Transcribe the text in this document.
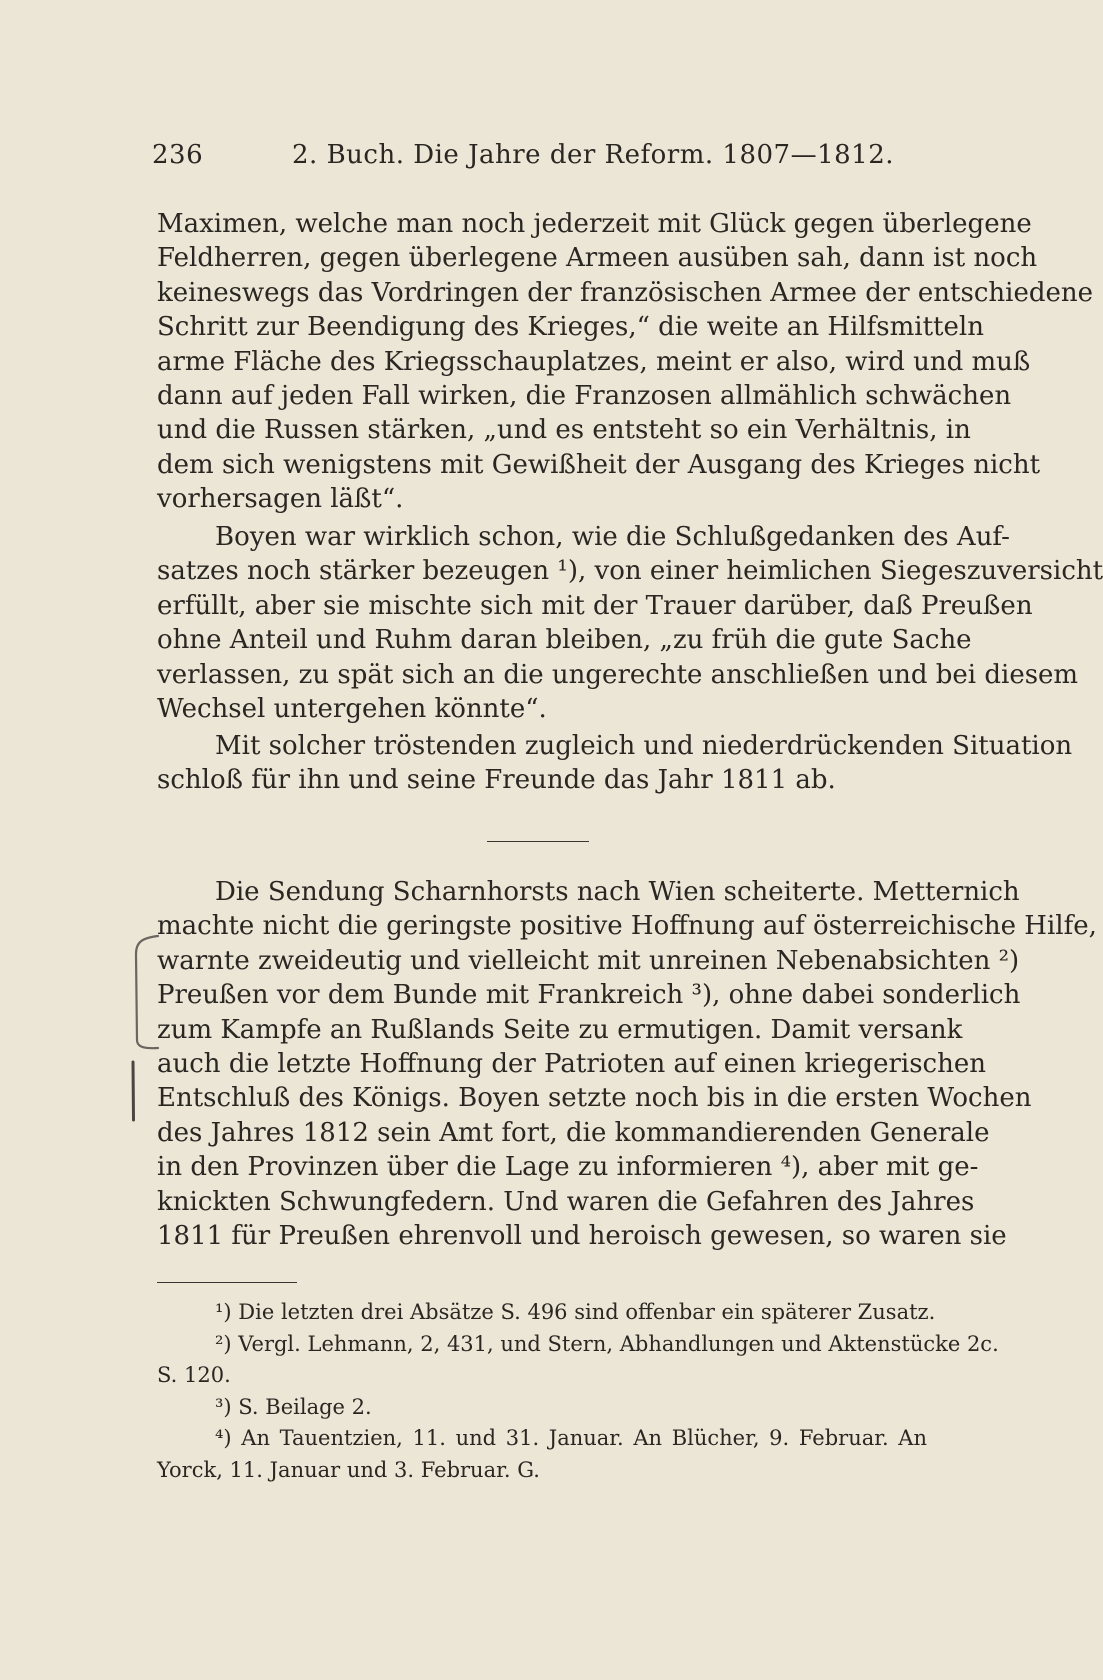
236	2. Buch. Die Jahre der Reform. 1807—1812.
Maximen, welche man noch jederzeit mit Glück gegen überlegene
Feldherren, gegen überlegene Armeen ausüben sah, dann ist noch
keineswegs das Vordringen der französischen Armee der entschiedene
Schritt zur Beendigung des Krieges,“ die weite an Hilfsmitteln
arme Fläche des Kriegsschauplatzes, meint er also, wird und muß
dann auf jeden Fall wirken, die Franzosen allmählich schwächen
und die Russen stärken, „und es entsteht so ein Verhältnis, in
dem sich wenigstens mit Gewißheit der Ausgang des Krieges nicht
vorhersagen läßt“.
Boyen war wirklich schon, wie die Schlußgedanken des Auf-
satzes noch stärker bezeugen ¹), von einer heimlichen Siegeszuversicht
erfüllt, aber sie mischte sich mit der Trauer darüber, daß Preußen
ohne Anteil und Ruhm daran bleiben, „zu früh die gute Sache
verlassen, zu spät sich an die ungerechte anschließen und bei diesem
Wechsel untergehen könnte“.
Mit solcher tröstenden zugleich und niederdrückenden Situation
schloß für ihn und seine Freunde das Jahr 1811 ab.
Die Sendung Scharnhorsts nach Wien scheiterte. Metternich
machte nicht die geringste positive Hoffnung auf österreichische Hilfe,
warnte zweideutig und vielleicht mit unreinen Nebenabsichten ²)
Preußen vor dem Bunde mit Frankreich ³), ohne dabei sonderlich
zum Kampfe an Rußlands Seite zu ermutigen. Damit versank
auch die letzte Hoffnung der Patrioten auf einen kriegerischen
Entschluß des Königs. Boyen setzte noch bis in die ersten Wochen
des Jahres 1812 sein Amt fort, die kommandierenden Generale
in den Provinzen über die Lage zu informieren ⁴), aber mit ge-
knickten Schwungfedern. Und waren die Gefahren des Jahres
1811 für Preußen ehrenvoll und heroisch gewesen, so waren sie
¹) Die letzten drei Absätze S. 496 sind offenbar ein späterer Zusatz.
²) Vergl. Lehmann, 2, 431, und Stern, Abhandlungen und Aktenstücke 2c.
S. 120.
³) S. Beilage 2.
⁴) An Tauentzien, 11. und 31. Januar. An Blücher, 9. Februar. An
Yorck, 11. Januar und 3. Februar. G.
